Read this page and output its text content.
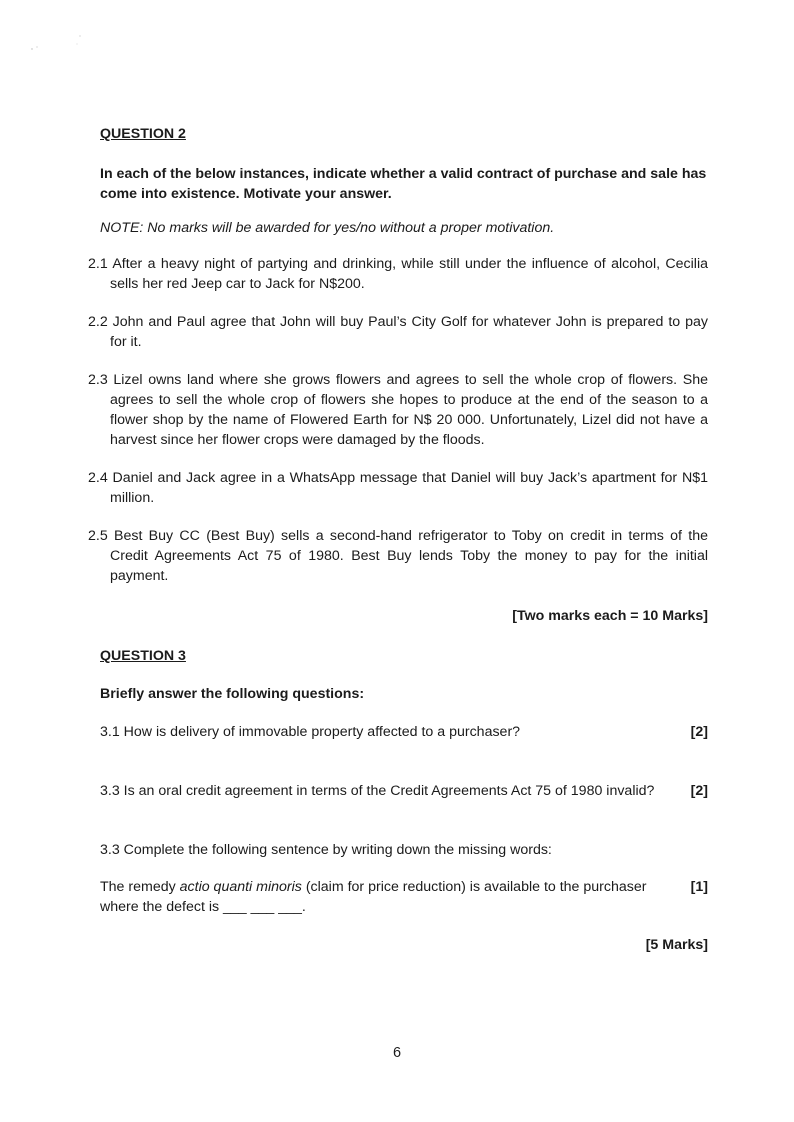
QUESTION 2

In each of the below instances, indicate whether a valid contract of purchase and sale has come into existence. Motivate your answer.

NOTE: No marks will be awarded for yes/no without a proper motivation.

2.1 After a heavy night of partying and drinking, while still under the influence of alcohol, Cecilia sells her red Jeep car to Jack for N$200.

2.2 John and Paul agree that John will buy Paul’s City Golf for whatever John is prepared to pay for it.

2.3 Lizel owns land where she grows flowers and agrees to sell the whole crop of flowers. She agrees to sell the whole crop of flowers she hopes to produce at the end of the season to a flower shop by the name of Flowered Earth for N$ 20 000. Unfortunately, Lizel did not have a harvest since her flower crops were damaged by the floods.

2.4 Daniel and Jack agree in a WhatsApp message that Daniel will buy Jack’s apartment for N$1 million.

2.5 Best Buy CC (Best Buy) sells a second-hand refrigerator to Toby on credit in terms of the Credit Agreements Act 75 of 1980. Best Buy lends Toby the money to pay for the initial payment.

[Two marks each = 10 Marks]

QUESTION 3

Briefly answer the following questions:

3.1 How is delivery of immovable property affected to a purchaser?	[2]
3.3 Is an oral credit agreement in terms of the Credit Agreements Act 75 of 1980 invalid?	[2]

3.3 Complete the following sentence by writing down the missing words:

The remedy actio quanti minoris (claim for price reduction) is available to the purchaser where the defect is ___ ___ ___.
[1]

[5 Marks]

6
